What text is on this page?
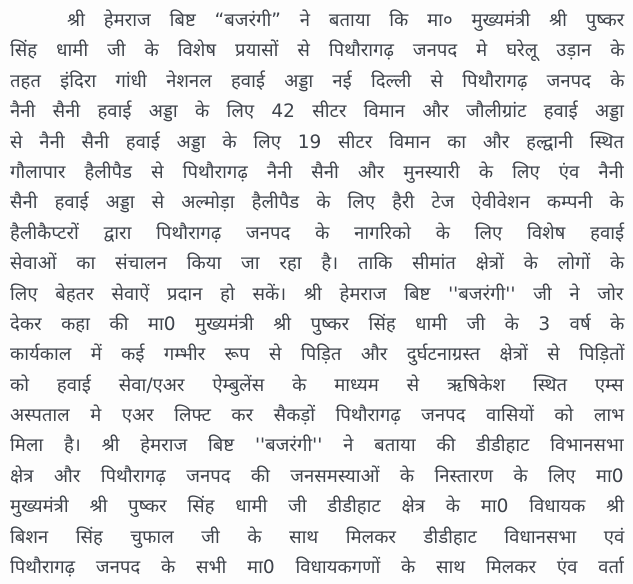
श्री हेमराज बिष्ट “बजरंगी” ने बताया कि मा० मुख्यमंत्री श्री पुष्कर
सिंह धामी जी के विशेष प्रयासों से पिथौरागढ़ जनपद मे घरेलू उड़ान के
तहत इंदिरा गांधी नेशनल हवाई अड्डा नई दिल्ली से पिथौरागढ़ जनपद के
नैनी सैनी हवाई अड्डा के लिए 42 सीटर विमान और जौलीग्रांट हवाई अड्डा
से नैनी सैनी हवाई अड्डा के लिए 19 सीटर विमान का और हल्द्वानी स्थित
गौलापार हैलीपैड से पिथौरागढ़ नैनी सैनी और मुनस्यारी के लिए एंव नैनी
सैनी हवाई अड्डा से अल्मोड़ा हैलीपैड के लिए हैरी टेज ऐवीवेशन कम्पनी के
हैलीकैप्टरों द्वारा पिथौरागढ़ जनपद के नागरिको के लिए विशेष हवाई
सेवाओं का संचालन किया जा रहा है। ताकि सीमांत क्षेत्रों के लोगों के
लिए बेहतर सेवाऐं प्रदान हो सकें। श्री हेमराज बिष्ट ''बजरंगी'' जी ने जोर
देकर कहा की मा0 मुख्यमंत्री श्री पुष्कर सिंह धामी जी के 3 वर्ष के
कार्यकाल में कई गम्भीर रूप से पिड़ित और दुर्घटनाग्रस्त क्षेत्रों से पिड़ितों
को हवाई सेवा/एअर ऐम्बुलेंस के माध्यम से ऋषिकेश स्थित एम्स
अस्पताल मे एअर लिफ्ट कर सैकड़ों पिथौरागढ़ जनपद वासियों को लाभ
मिला है। श्री हेमराज बिष्ट ''बजरंगी'' ने बताया की डीडीहाट विभानसभा
क्षेत्र और पिथौरागढ़ जनपद की जनसमस्याओं के निस्तारण के लिए मा0
मुख्यमंत्री श्री पुष्कर सिंह धामी जी डीडीहाट क्षेत्र के मा0 विधायक श्री
बिशन सिंह चुफाल जी के साथ मिलकर डीडीहाट विधानसभा एवं
पिथौरागढ़ जनपद के सभी मा0 विधायकगणों के साथ मिलकर एंव वर्ता
